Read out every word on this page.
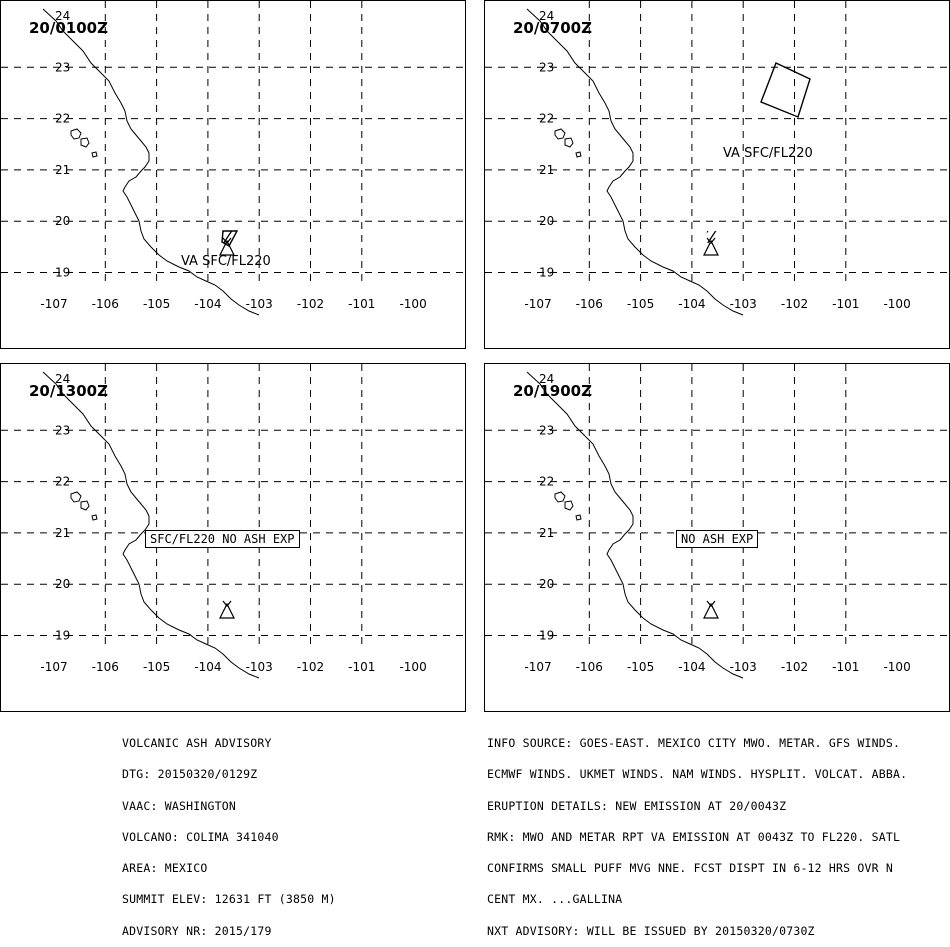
24
23
22
21
20
19
-107 -106 -105 -104 -103 -102 -101 -100
VA SFC/FL220
20/0100Z
24
23
22
21
20
19
-107 -106 -105 -104 -103 -102 -101 -100
VA SFC/FL220
20/0700Z
24
23
22
21
20
19
-107 -106 -105 -104 -103 -102 -101 -100
20/1300Z
SFC/FL220 NO ASH EXP
24
23
22
21
20
19
-107 -106 -105 -104 -103 -102 -101 -100
20/1900Z
NO ASH EXP

VOLCANIC ASH ADVISORY

DTG: 20150320/0129Z

VAAC: WASHINGTON

VOLCANO: COLIMA 341040

AREA: MEXICO

SUMMIT ELEV: 12631 FT (3850 M)

ADVISORY NR: 2015/179

INFO SOURCE: GOES-EAST. MEXICO CITY MWO. METAR. GFS WINDS.

ECMWF WINDS. UKMET WINDS. NAM WINDS. HYSPLIT. VOLCAT. ABBA.

ERUPTION DETAILS: NEW EMISSION AT 20/0043Z

RMK: MWO AND METAR RPT VA EMISSION AT 0043Z TO FL220. SATL

CONFIRMS SMALL PUFF MVG NNE. FCST DISPT IN 6-12 HRS OVR N

CENT MX. ...GALLINA

NXT ADVISORY: WILL BE ISSUED BY 20150320/0730Z
